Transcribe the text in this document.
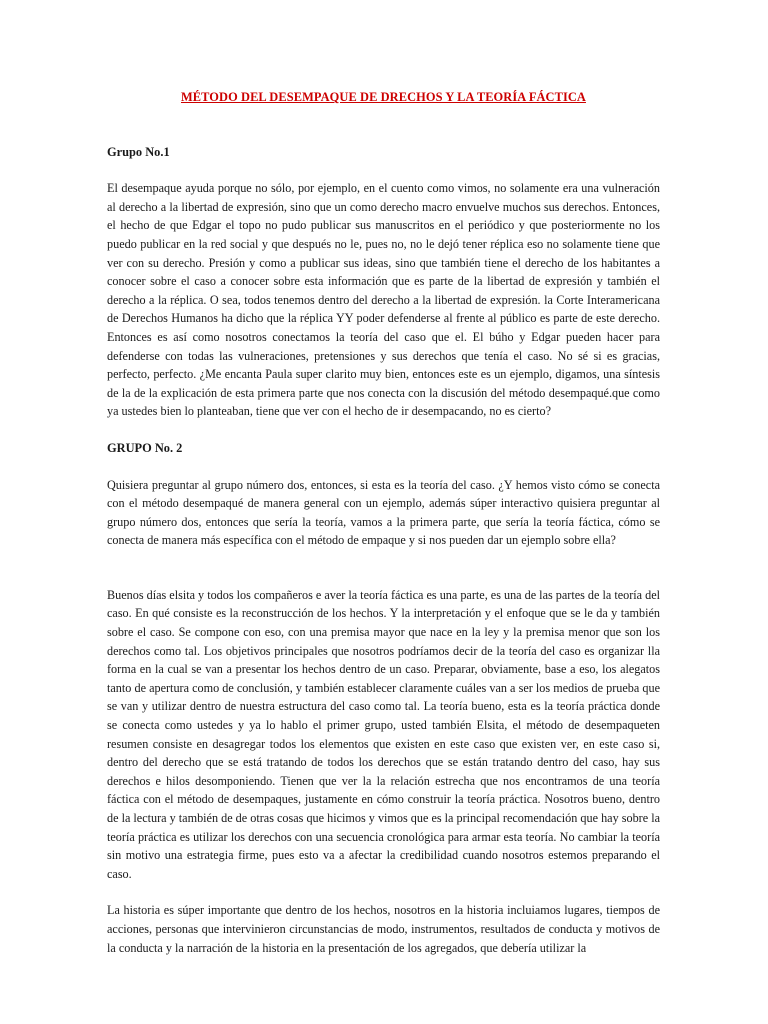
MÉTODO DEL DESEMPAQUE DE DRECHOS Y LA TEORÍA FÁCTICA
Grupo No.1
El desempaque ayuda porque no sólo, por ejemplo, en el cuento como vimos, no solamente era una vulneración al derecho a la libertad de expresión, sino que un como derecho macro envuelve muchos sus derechos. Entonces, el hecho de que Edgar el topo no pudo publicar sus manuscritos en el periódico y que posteriormente no los puedo publicar en la red social y que después no le, pues no, no le dejó tener réplica eso no solamente tiene que ver con su derecho. Presión y como a publicar sus ideas, sino que también tiene el derecho de los habitantes a conocer sobre el caso a conocer sobre esta información que es parte de la libertad de expresión y también el derecho a la réplica. O sea, todos tenemos dentro del derecho a la libertad de expresión. la Corte Interamericana de Derechos Humanos ha dicho que la réplica YY poder defenderse al frente al público es parte de este derecho. Entonces es así como nosotros conectamos la teoría del caso que el. El búho y Edgar pueden hacer para defenderse con todas las vulneraciones, pretensiones y sus derechos que tenía el caso. No sé si es gracias, perfecto, perfecto. ¿Me encanta Paula super clarito muy bien, entonces este es un ejemplo, digamos, una síntesis de la de la explicación de esta primera parte que nos conecta con la discusión del método desempaqué.que como ya ustedes bien lo planteaban, tiene que ver con el hecho de ir desempacando, no es cierto?
GRUPO No. 2
Quisiera preguntar al grupo número dos, entonces, si esta es la teoría del caso. ¿Y hemos visto cómo se conecta con el método desempaqué de manera general con un ejemplo, además súper interactivo quisiera preguntar al grupo número dos, entonces que sería la teoría, vamos a la primera parte, que sería la teoría fáctica, cómo se conecta de manera más específica con el método de empaque y si nos pueden dar un ejemplo sobre ella?
Buenos días elsita y todos los compañeros e aver la teoría fáctica es una parte, es una de las partes de la teoría del caso. En qué consiste es la reconstrucción de los hechos. Y la interpretación y el enfoque que se le da y también sobre el caso. Se compone con eso, con una premisa mayor que nace en la ley y la premisa menor que son los derechos como tal. Los objetivos principales que nosotros podríamos decir de la teoría del caso es organizar lla forma en la cual se van a presentar los hechos dentro de un caso. Preparar, obviamente, base a eso, los alegatos tanto de apertura como de conclusión, y también establecer claramente cuáles van a ser los medios de prueba que se van y utilizar dentro de nuestra estructura del caso como tal. La teoría bueno, esta es la teoría práctica donde se conecta como ustedes y ya lo hablo el primer grupo, usted también Elsita, el método de desempaqueten resumen consiste en desagregar todos los elementos que existen en este caso que existen ver, en este caso si, dentro del derecho que se está tratando de todos los derechos que se están tratando dentro del caso, hay sus derechos e hilos desomponiendo. Tienen que ver la la relación estrecha que nos encontramos de una teoría fáctica con el método de desempaques, justamente en cómo construir la teoría práctica. Nosotros bueno, dentro de la lectura y también de de otras cosas que hicimos y vimos que es la principal recomendación que hay sobre la teoría práctica es utilizar los derechos con una secuencia cronológica para armar esta teoría. No cambiar la teoría sin motivo una estrategia firme, pues esto va a afectar la credibilidad cuando nosotros estemos preparando el caso.
La historia es súper importante que dentro de los hechos, nosotros en la historia incluiamos lugares, tiempos de acciones, personas que intervinieron circunstancias de modo, instrumentos, resultados de conducta y motivos de la conducta y la narración de la historia en la presentación de los agregados, que debería utilizar la
